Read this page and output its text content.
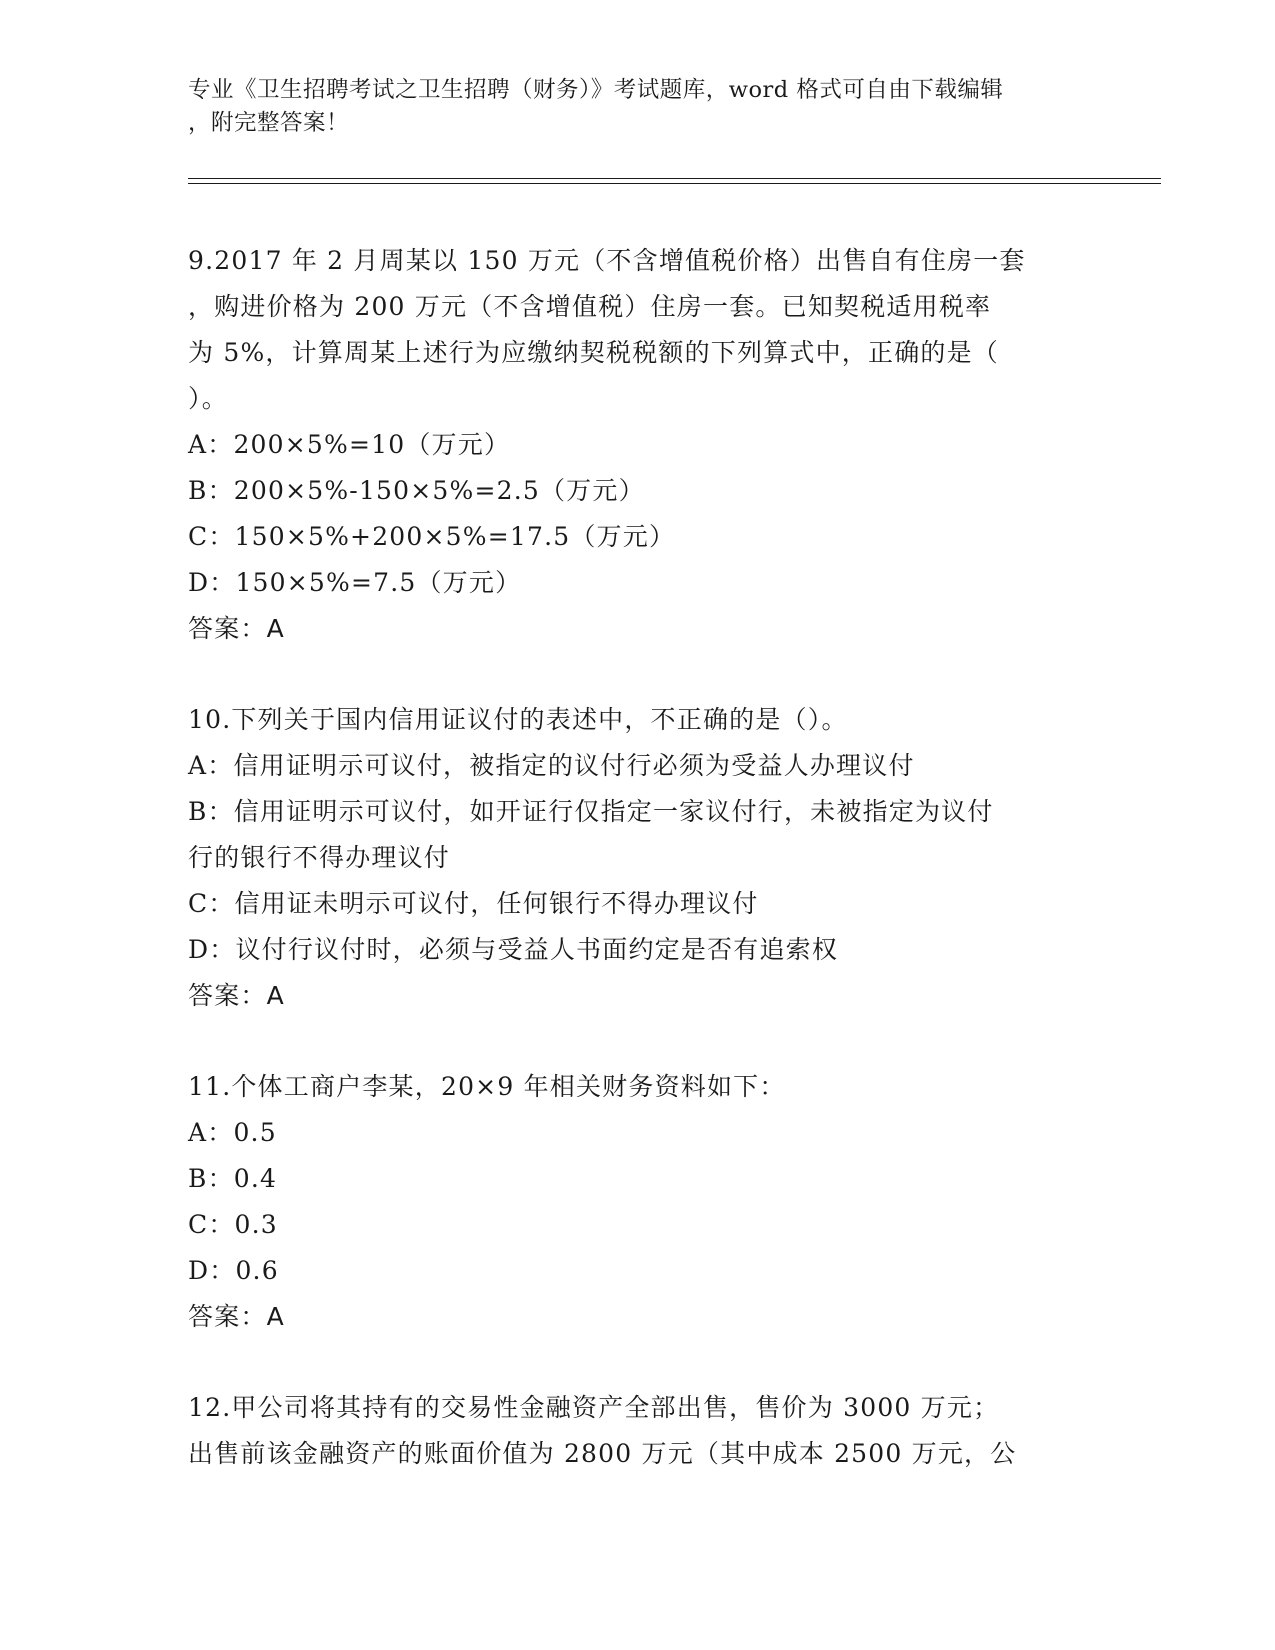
专业《卫生招聘考试之卫生招聘（财务）》考试题库，word 格式可自由下载编辑
，附完整答案！
9.2017 年 2 月周某以 150 万元（不含增值税价格）出售自有住房一套
，购进价格为 200 万元（不含增值税）住房一套。已知契税适用税率
为 5%，计算周某上述行为应缴纳契税税额的下列算式中，正确的是（
）。
A：200×5%=10（万元）
B：200×5%-150×5%=2.5（万元）
C：150×5%+200×5%=17.5（万元）
D：150×5%=7.5（万元）
答案：A
10.下列关于国内信用证议付的表述中，不正确的是（）。
A：信用证明示可议付，被指定的议付行必须为受益人办理议付
B：信用证明示可议付，如开证行仅指定一家议付行，未被指定为议付
行的银行不得办理议付
C：信用证未明示可议付，任何银行不得办理议付
D：议付行议付时，必须与受益人书面约定是否有追索权
答案：A
11.个体工商户李某，20×9 年相关财务资料如下：
A：0.5
B：0.4
C：0.3
D：0.6
答案：A
12.甲公司将其持有的交易性金融资产全部出售，售价为 3000 万元；
出售前该金融资产的账面价值为 2800 万元（其中成本 2500 万元，公
